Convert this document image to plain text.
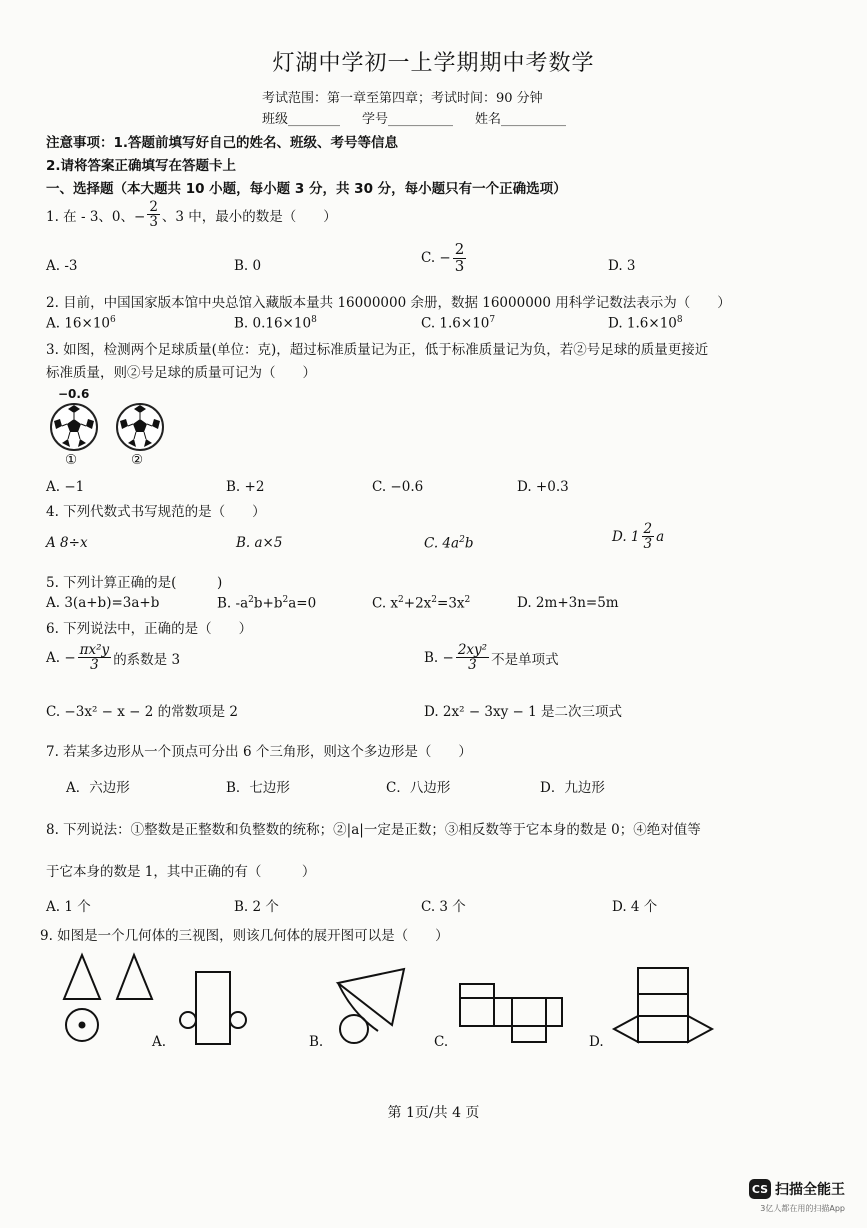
灯湖中学初一上学期期中考数学
考试范围：第一章至第四章；考试时间：90 分钟
班级________ 学号__________ 姓名__________
注意事项：1.答题前填写好自己的姓名、班级、考号等信息
2.请将答案正确填写在答题卡上
一、选择题（本大题共 10 小题，每小题 3 分，共 30 分，每小题只有一个正确选项）
1. 在 - 3、0、− $\frac{2}{3}$ 、3 中，最小的数是（　　）
A. -3	B. 0	C. − $\frac{2}{3}$	D. 3
2. 目前，中国国家版本馆中央总馆入藏版本量共 16000000 余册，数据 16000000 用科学记数法表示为（　　）
A. $16\times 10^6$	B. $0.16\times 10^8$	C. $1.6\times 10^7$	D. $1.6\times 10^8$
3. 如图，检测两个足球质量(单位：克)，超过标准质量记为正，低于标准质量记为负，若②号足球的质量更接近
标准质量，则②号足球的质量可记为（　　）
−0.6
①	②
A. −1	B. +2	C. −0.6	D. +0.3
4. 下列代数式书写规范的是（　　）
A 8÷x	B. a×5	C. $4a^2b$	D. $1 \frac{2}{3}$ a
5. 下列计算正确的是(　　　)
A. 3(a+b)=3a+b	B. $-a^2b+b^2a=0$	C. $x^2+2x^2=3x^2$	D. 2m+3n=5m
6. 下列说法中，正确的是（　　）
A. − $\frac{\text{πx²y}}{3}$ 的系数是 3	B. − $\frac{\text{2xy²}}{3}$ 不是单项式
C. −3x² − x − 2 的常数项是 2	D. 2x² − 3xy − 1 是二次三项式
7. 若某多边形从一个顶点可分出 6 个三角形，则这个多边形是（　　）
A．六边形	B．七边形	C．八边形	D．九边形
8. 下列说法：①整数是正整数和负整数的统称；②|a|一定是正数；③相反数等于它本身的数是 0；④绝对值等
于它本身的数是 1，其中正确的有（　　　）
A. 1 个	B. 2 个	C. 3 个	D. 4 个
9. 如图是一个几何体的三视图，则该几何体的展开图可以是（　　）
A.	B.	C.	D.
第 1页/共 4 页
CS 扫描全能王
3亿人都在用的扫描App
